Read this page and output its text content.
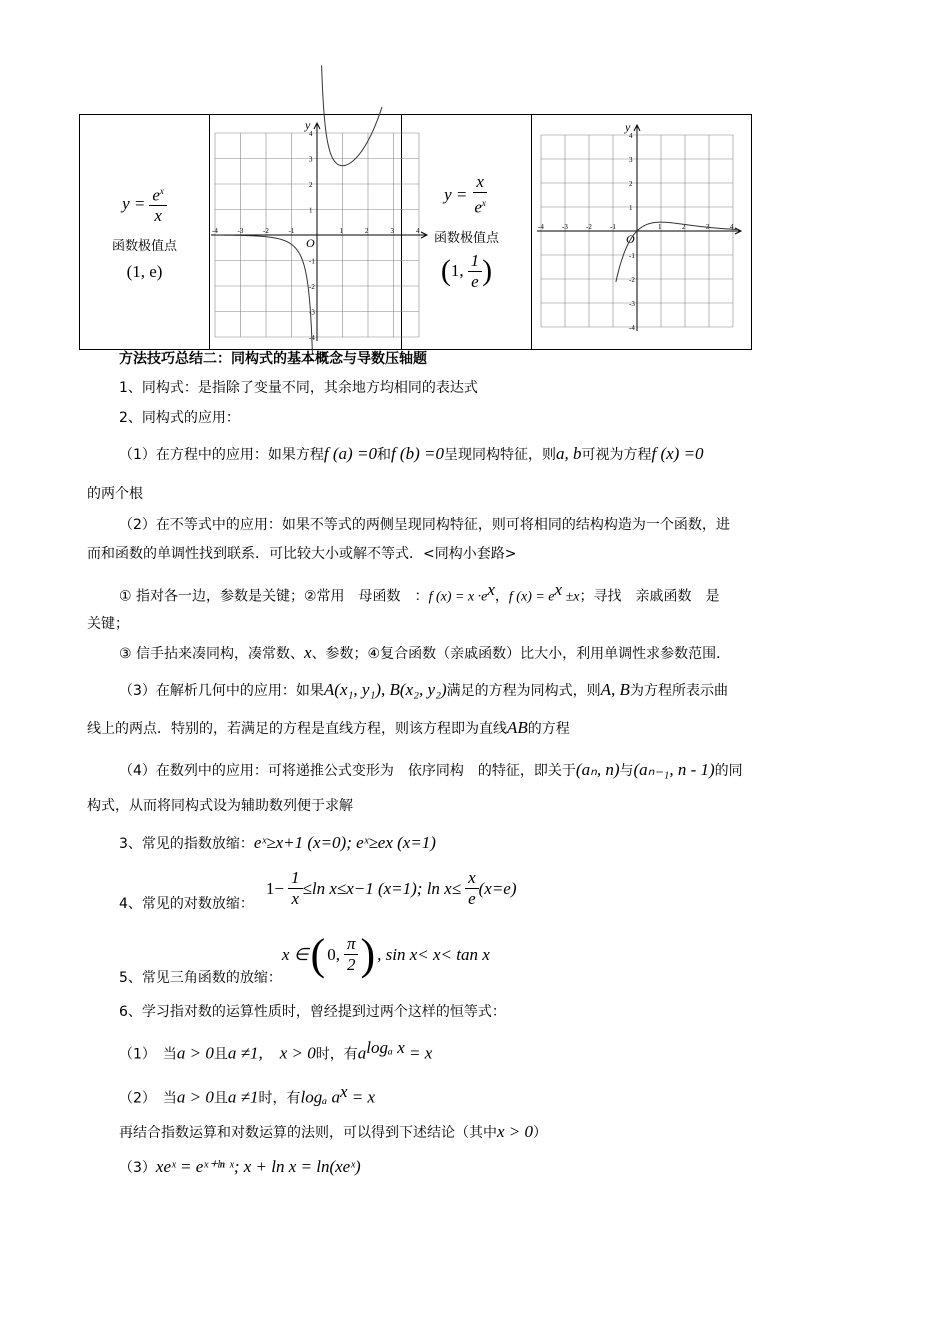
$y = \frac{e^x}{x}$
函数极值点
(1, e)

y
O
-4
-4
-3
-3
-2
-2
-1
-1
1
1
2
2
3
3
4
4

$y = \frac{x}{e^x}$
函数极值点
( 1, $\frac{1}{e}$ )

y
O
-4
-4
-3
-3
-2
-2
-1
-1
1
1
2
2
3
3
4
4
方法技巧总结二：同构式的基本概念与导数压轴题
1、同构式：是指除了变量不同，其余地方均相同的表达式
2、同构式的应用：
（1）在方程中的应用：如果方程f (a) =0和f (b) =0呈现同构特征，则a, b可视为方程f (x) =0
的两个根
（2）在不等式中的应用：如果不等式的两侧呈现同构特征，则可将相同的结构构造为一个函数，进
而和函数的单调性找到联系．可比较大小或解不等式．<同构小套路>
① 指对各一边，参数是关键；②常用　母函数　：f (x) = x ·ex，f (x) = ex ±x；寻找　亲戚函数　是
关键；
③ 信手拈来凑同构，凑常数、x、参数；④复合函数（亲戚函数）比大小，利用单调性求参数范围．
（3）在解析几何中的应用：如果A(x₁, y₁), B(x₂, y₂)满足的方程为同构式，则A, B为方程所表示曲
线上的两点．特别的，若满足的方程是直线方程，则该方程即为直线AB的方程
（4）在数列中的应用：可将递推公式变形为　依序同构　的特征，即关于(aₙ, n)与(aₙ₋₁, n - 1)的同
构式，从而将同构式设为辅助数列便于求解
3、常见的指数放缩：eˣ≥x+1 (x=0); eˣ≥ex (x=1)
4、常见的对数放缩：
$1- \frac{1}{x} \le\ln$ x≤x−1 (x=1); $\ln x\le \frac{x}{e} (x=e)$
5、常见三角函数的放缩：
x ∈ ( 0, $\frac{\pi}{2}$ ) , sin x< x< tan x
6、学习指对数的运算性质时，曾经提到过两个这样的恒等式：
（1）　当a > 0且a ≠1,　x > 0时，有alogₐ x = x
（2）　当a > 0且a ≠1时，有logₐ ax = x
再结合指数运算和对数运算的法则，可以得到下述结论（其中x > 0）
（3）xeˣ = eˣ⁺ˡⁿ ˣ; x + ln x = ln(xeˣ)
